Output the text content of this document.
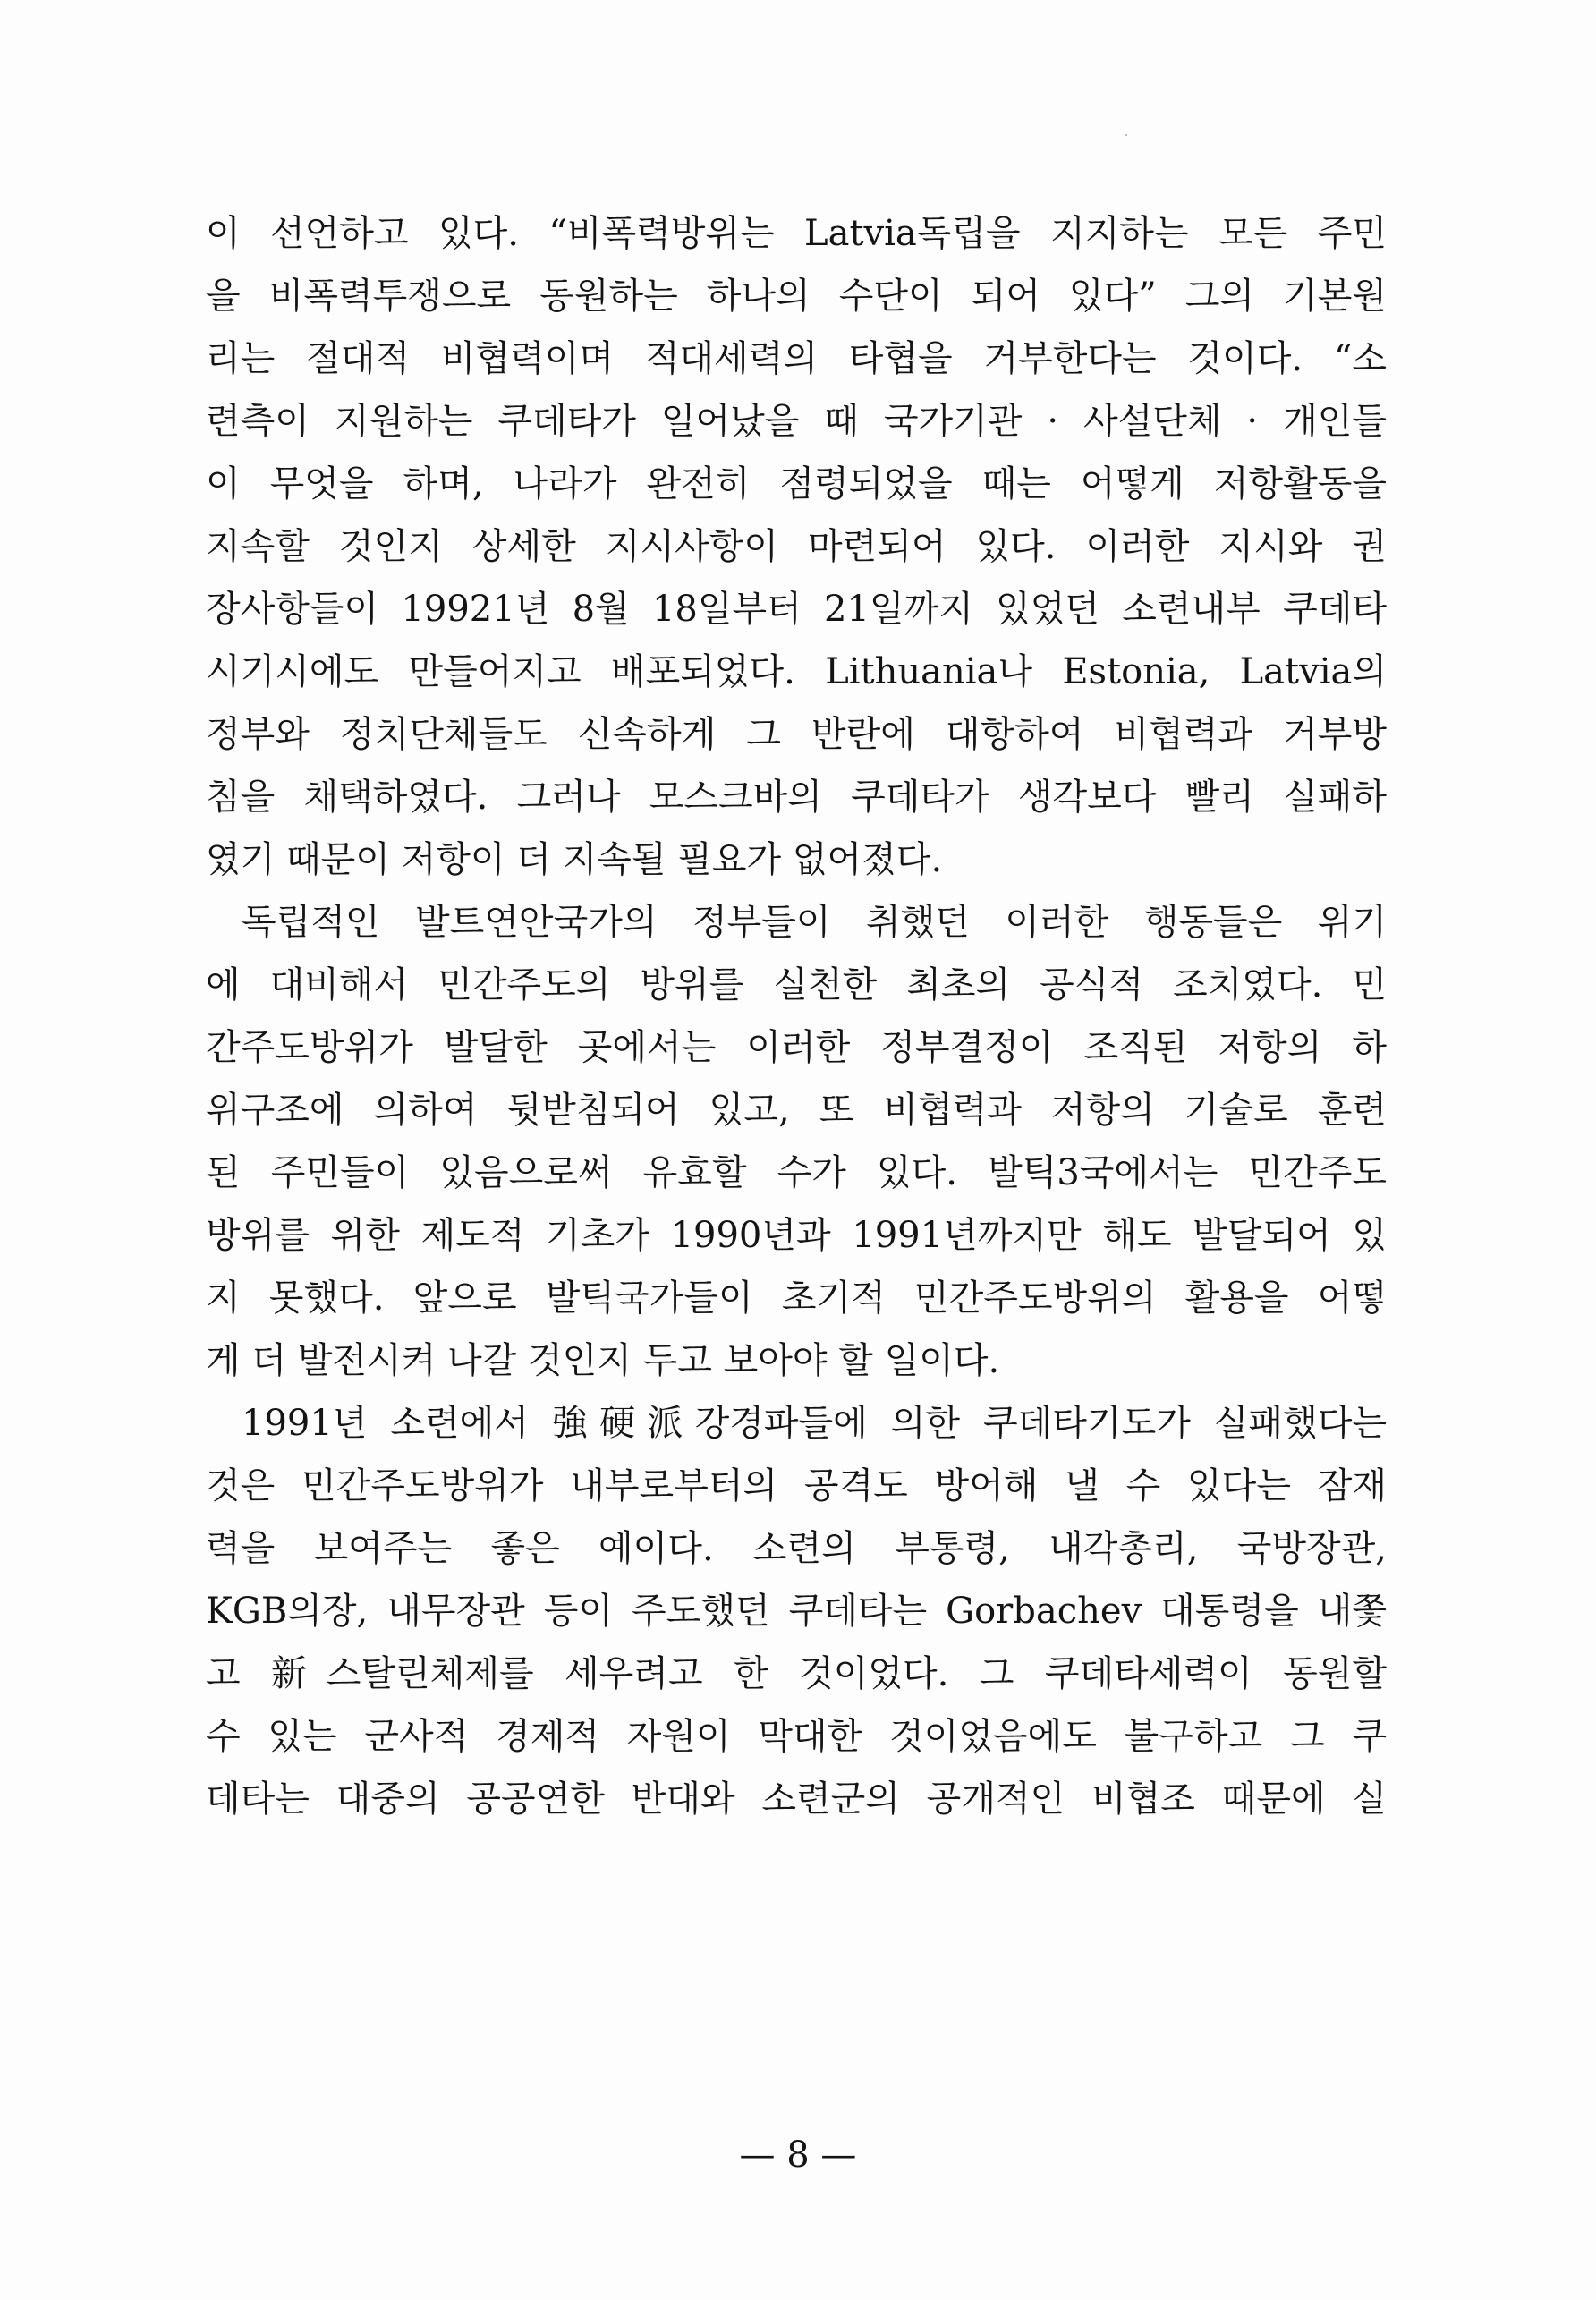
이 선언하고 있다. “비폭력방위는 Latvia독립을 지지하는 모든 주민
을 비폭력투쟁으로 동원하는 하나의 수단이 되어 있다” 그의 기본원
리는 절대적 비협력이며 적대세력의 타협을 거부한다는 것이다. “소
련측이 지원하는 쿠데타가 일어났을 때 국가기관 · 사설단체 · 개인들
이 무엇을 하며, 나라가 완전히 점령되었을 때는 어떻게 저항활동을
지속할 것인지 상세한 지시사항이 마련되어 있다. 이러한 지시와 권
장사항들이 19921년 8월 18일부터 21일까지 있었던 소련내부 쿠데타
시기시에도 만들어지고 배포되었다. Lithuania나 Estonia, Latvia의
정부와 정치단체들도 신속하게 그 반란에 대항하여 비협력과 거부방
침을 채택하였다. 그러나 모스크바의 쿠데타가 생각보다 빨리 실패하
였기 때문이 저항이 더 지속될 필요가 없어졌다.
독립적인 발트연안국가의 정부들이 취했던 이러한 행동들은 위기
에 대비해서 민간주도의 방위를 실천한 최초의 공식적 조치였다. 민
간주도방위가 발달한 곳에서는 이러한 정부결정이 조직된 저항의 하
위구조에 의하여 뒷받침되어 있고, 또 비협력과 저항의 기술로 훈련
된 주민들이 있음으로써 유효할 수가 있다. 발틱3국에서는 민간주도
방위를 위한 제도적 기초가 1990년과 1991년까지만 해도 발달되어 있
지 못했다. 앞으로 발틱국가들이 초기적 민간주도방위의 활용을 어떻
게 더 발전시켜 나갈 것인지 두고 보아야 할 일이다.
1991년 소련에서 強硬派강경파들에 의한 쿠데타기도가 실패했다는
것은 민간주도방위가 내부로부터의 공격도 방어해 낼 수 있다는 잠재
력을 보여주는 좋은 예이다. 소련의 부통령, 내각총리, 국방장관,
KGB의장, 내무장관 등이 주도했던 쿠데타는 Gorbachev 대통령을 내쫓
고 新스탈린체제를 세우려고 한 것이었다. 그 쿠데타세력이 동원할
수 있는 군사적 경제적 자원이 막대한 것이었음에도 불구하고 그 쿠
데타는 대중의 공공연한 반대와 소련군의 공개적인 비협조 때문에 실
— 8 —
